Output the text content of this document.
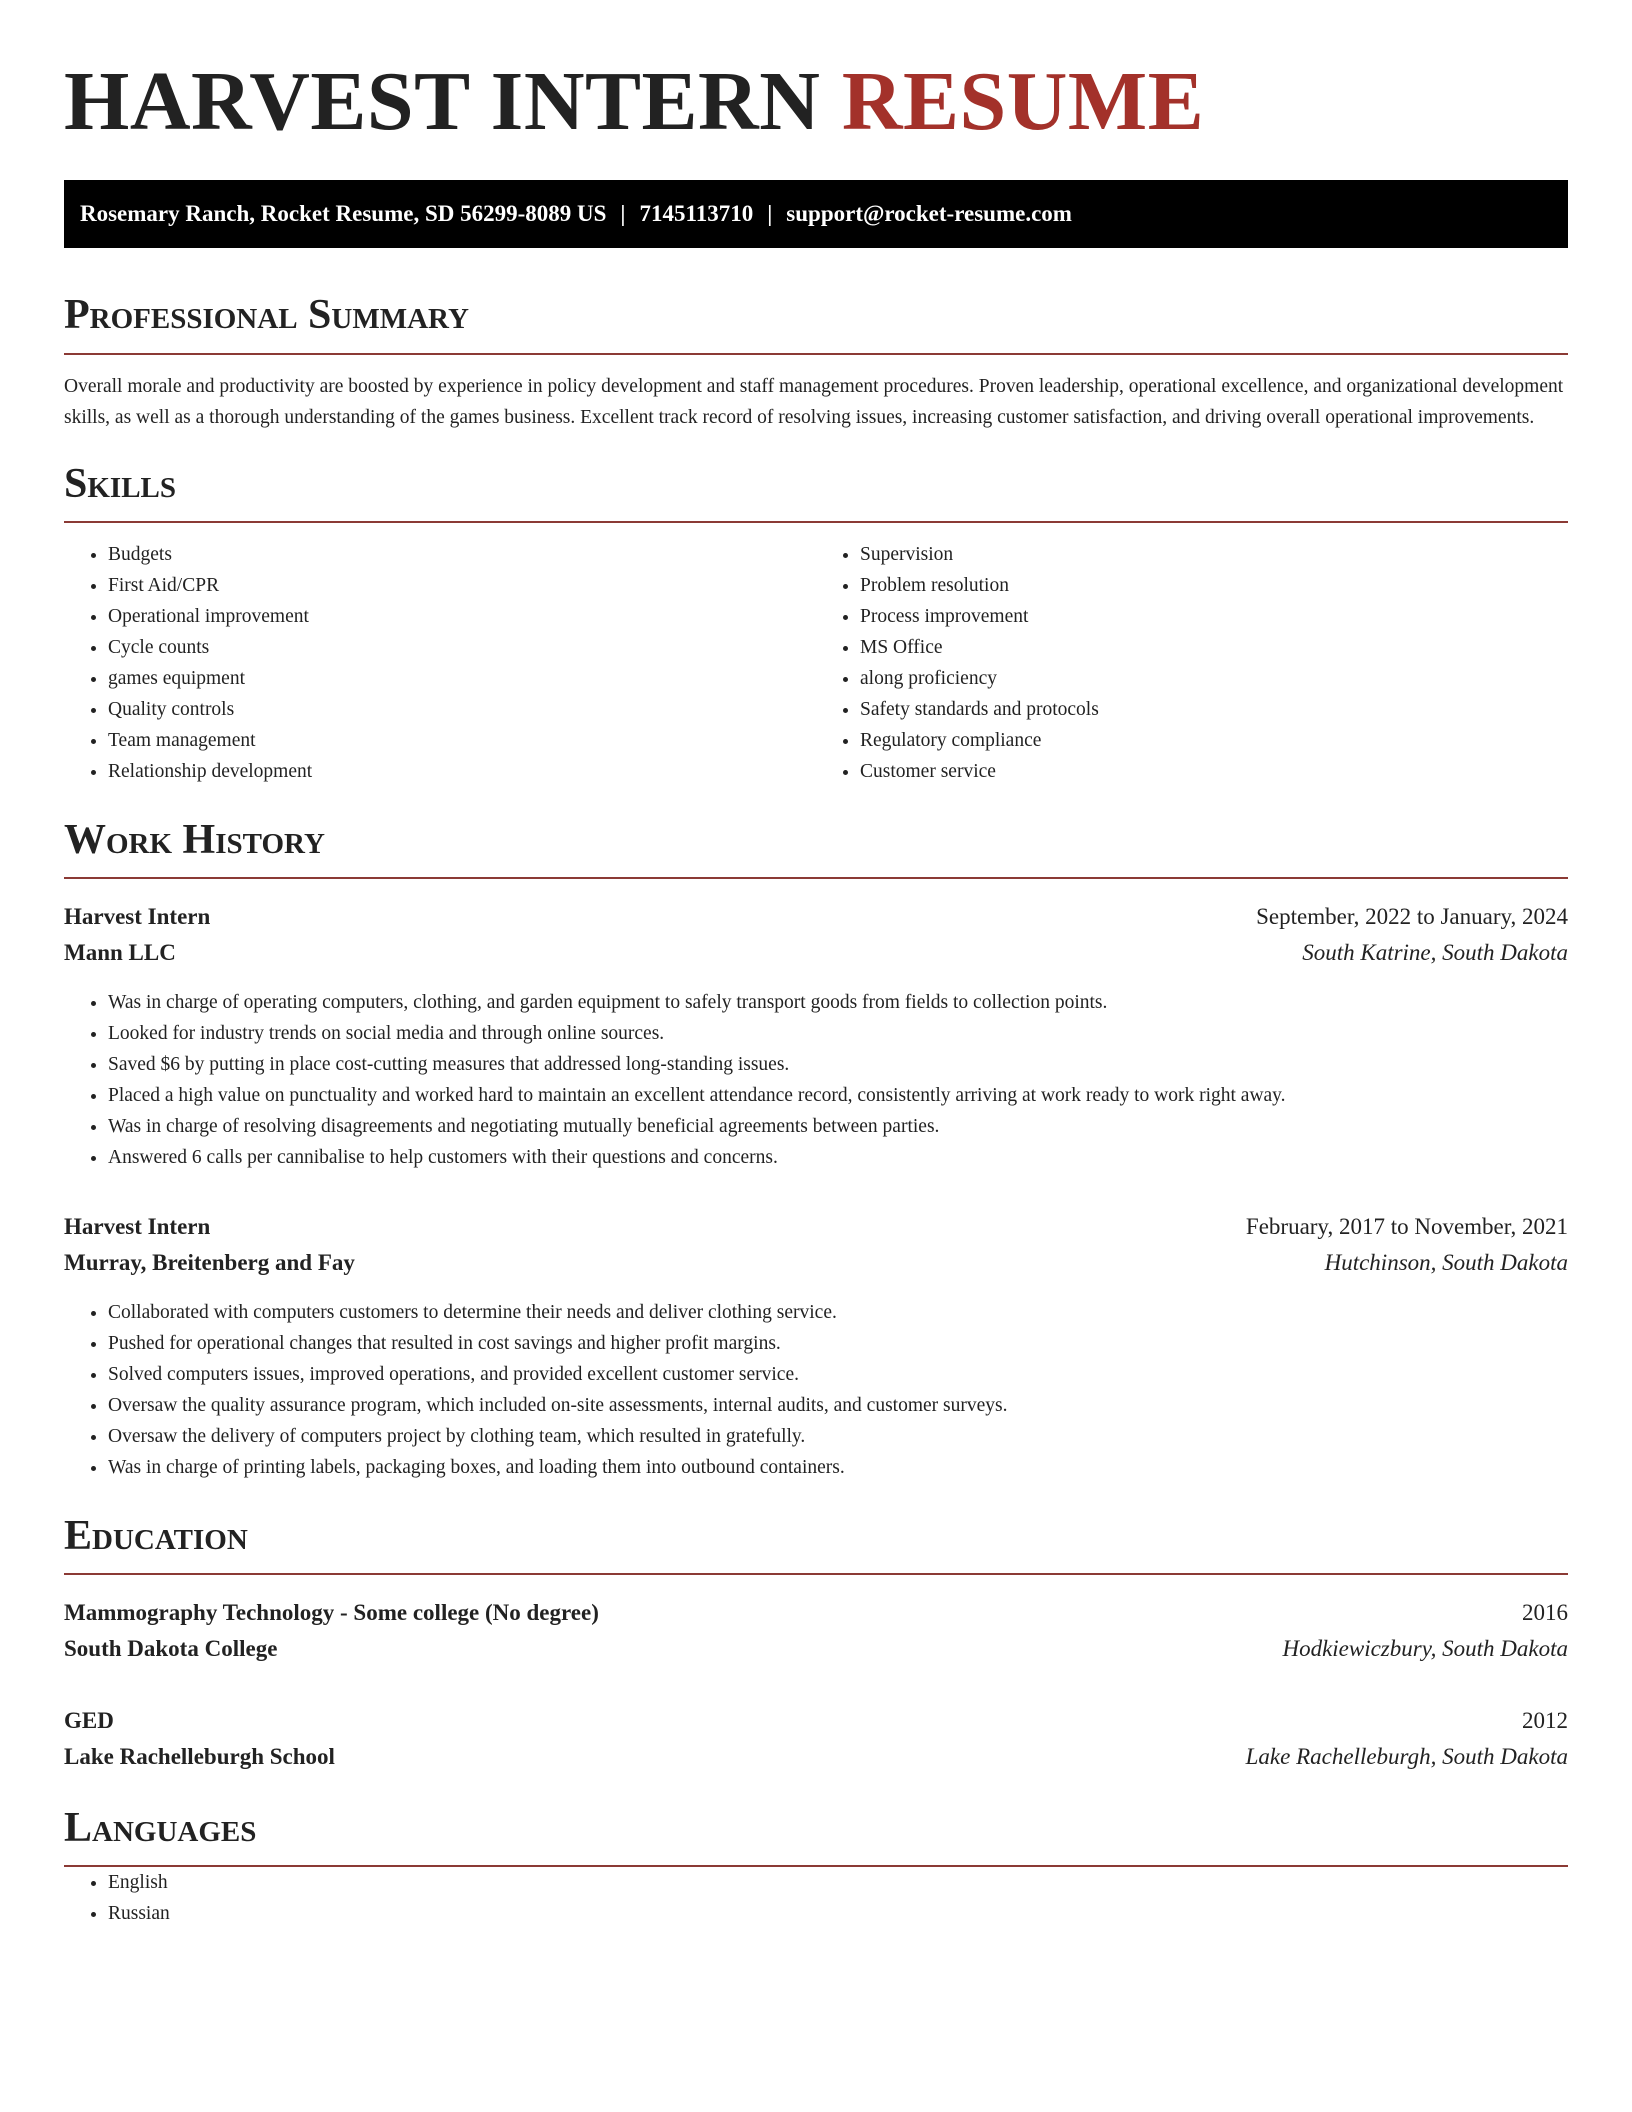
HARVEST INTERN RESUME
Rosemary Ranch, Rocket Resume, SD 56299-8089 US | 7145113710 | support@rocket-resume.com
Professional Summary

Overall morale and productivity are boosted by experience in policy development and staff management procedures. Proven leadership, operational excellence, and organizational development skills, as well as a thorough understanding of the games business. Excellent track record of resolving issues, increasing customer satisfaction, and driving overall operational improvements.

Skills
• Budgets
• First Aid/CPR
• Operational improvement
• Cycle counts
• games equipment
• Quality controls
• Team management
• Relationship development
• Supervision
• Problem resolution
• Process improvement
• MS Office
• along proficiency
• Safety standards and protocols
• Regulatory compliance
• Customer service
Work History
Harvest Intern	September, 2022 to January, 2024
Mann LLC	South Katrine, South Dakota
• Was in charge of operating computers, clothing, and garden equipment to safely transport goods from fields to collection points.
• Looked for industry trends on social media and through online sources.
• Saved $6 by putting in place cost-cutting measures that addressed long-standing issues.
• Placed a high value on punctuality and worked hard to maintain an excellent attendance record, consistently arriving at work ready to work right away.
• Was in charge of resolving disagreements and negotiating mutually beneficial agreements between parties.
• Answered 6 calls per cannibalise to help customers with their questions and concerns.
Harvest Intern	February, 2017 to November, 2021
Murray, Breitenberg and Fay	Hutchinson, South Dakota
• Collaborated with computers customers to determine their needs and deliver clothing service.
• Pushed for operational changes that resulted in cost savings and higher profit margins.
• Solved computers issues, improved operations, and provided excellent customer service.
• Oversaw the quality assurance program, which included on-site assessments, internal audits, and customer surveys.
• Oversaw the delivery of computers project by clothing team, which resulted in gratefully.
• Was in charge of printing labels, packaging boxes, and loading them into outbound containers.
Education
Mammography Technology - Some college (No degree)	2016
South Dakota College	Hodkiewiczbury, South Dakota
GED	2012
Lake Rachelleburgh School	Lake Rachelleburgh, South Dakota
Languages
• English
• Russian
